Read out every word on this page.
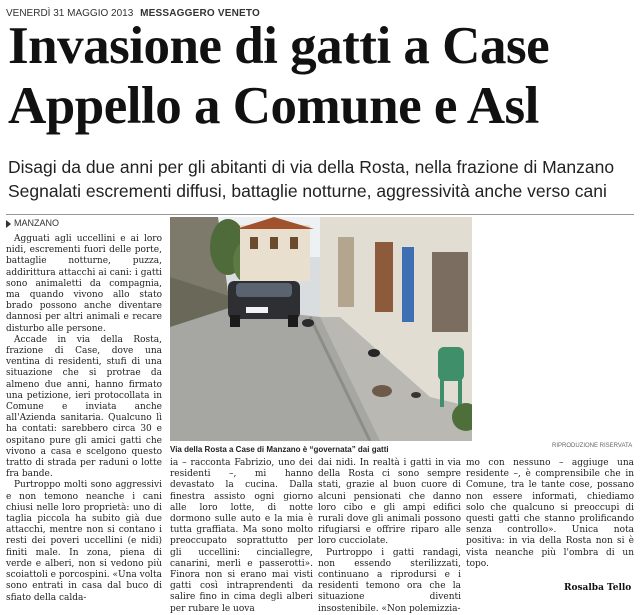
VENERDÌ 31 MAGGIO 2013 MESSAGGERO VENETO
Invasione di gatti a Case
Appello a Comune e Asl
Disagi da due anni per gli abitanti di via della Rosta, nella frazione di Manzano
Segnalati escrementi diffusi, battaglie notturne, aggressività anche verso cani
MANZANO

Agguati agli uccellini e ai loro nidi, escrementi fuori delle porte, battaglie notturne, puzza, addirittura attacchi ai cani: i gatti sono animaletti da compagnia, ma quando vivono allo stato brado possono anche diventare dannosi per altri animali e recare disturbo alle persone.

Accade in via della Rosta, frazione di Case, dove una ventina di residenti, stufi di una situazione che si protrae da almeno due anni, hanno firmato una petizione, ieri protocollata in Comune e inviata anche all'Azienda sanitaria. Qualcuno lì ha contati: sarebbero circa 30 e ospitano pure gli amici gatti che vivono a casa e scelgono questo tratto di strada per raduni o lotte fra bande.

Purtroppo molti sono aggressivi e non temono neanche i cani chiusi nelle loro proprietà: uno di taglia piccola ha subito già due attacchi, mentre non si contano i resti dei poveri uccellini (e nidi) finiti male. In zona, piena di verde e alberi, non si vedono più scoiattoli e porcospini. «Una volta sono entrati in casa dal buco di sfiato della calda-

Via della Rosta a Case di Manzano è “governata” dai gatti	RIPRODUZIONE RISERVATA

ia – racconta Fabrizio, uno dei residenti –, mi hanno devastato la cucina. Dalla finestra assisto ogni giorno alle loro lotte, di notte dormono sulle auto e la mia è tutta graffiata. Ma sono molto preoccupato soprattutto per gli uccellini: cinciallegre, canarini, merli e passerotti». Finora non si erano mai visti gatti così intraprendenti da salire fino in cima degli alberi per rubare le uova

dai nidi. In realtà i gatti in via della Rosta ci sono sempre stati, grazie al buon cuore di alcuni pensionati che danno loro cibo e gli ampi edifici rurali dove gli animali possono rifugiarsi e offrire riparo alle loro cucciolate.

Purtroppo i gatti randagi, non essendo sterilizzati, continuano a riprodursi e i residenti temono ora che la situazione diventi insostenibile. «Non polemizzia-

mo con nessuno – aggiuge una residente –, è comprensibile che in Comune, tra le tante cose, possano non essere informati, chiediamo solo che qualcuno si preoccupi di questi gatti che stanno prolificando senza controllo». Unica nota positiva: in via della Rosta non si è vista neanche più l'ombra di un topo.

Rosalba Tello
